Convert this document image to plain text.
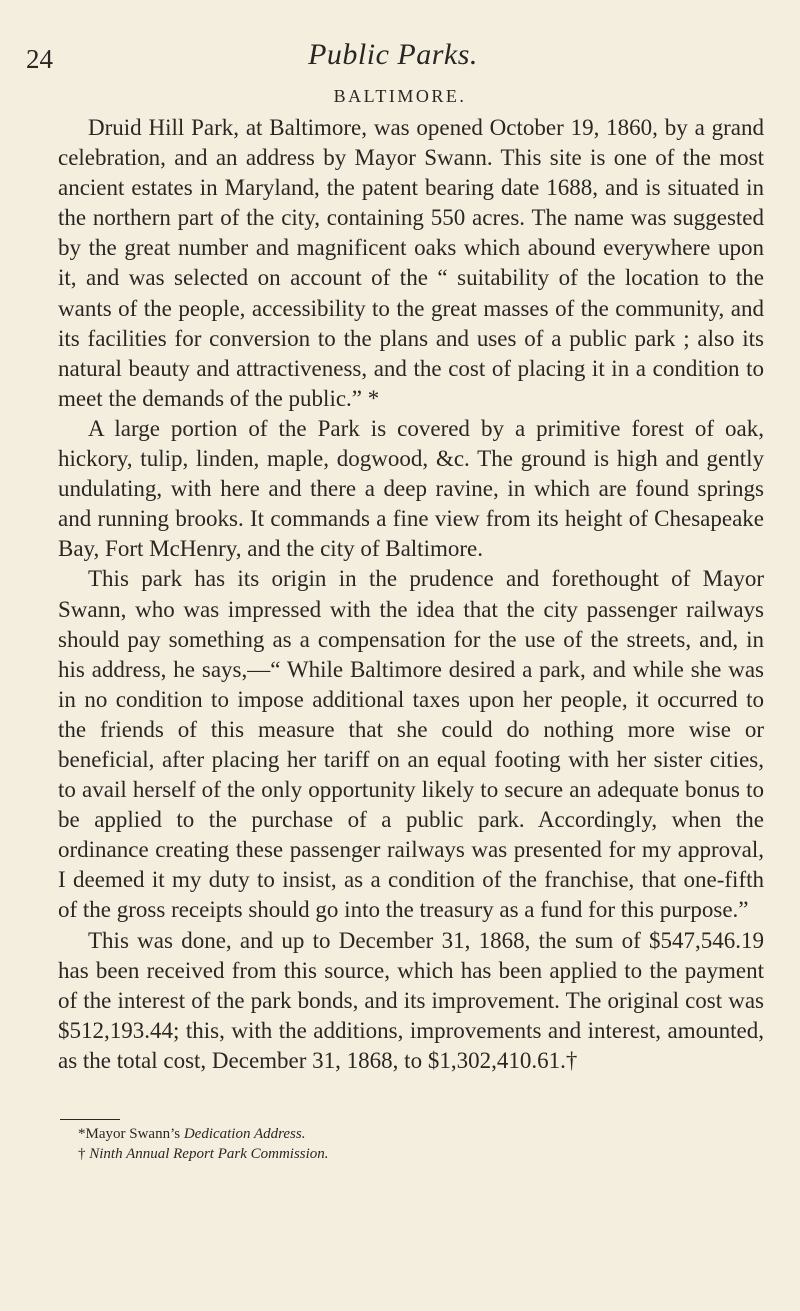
24	Public Parks.
BALTIMORE.

Druid Hill Park, at Baltimore, was opened October 19, 1860, by a grand celebration, and an address by Mayor Swann. This site is one of the most ancient estates in Maryland, the patent bearing date 1688, and is situated in the northern part of the city, containing 550 acres. The name was suggested by the great number and magnificent oaks which abound everywhere upon it, and was selected on account of the “ suitability of the location to the wants of the people, accessibility to the great masses of the community, and its facilities for conversion to the plans and uses of a public park ; also its natural beauty and attractiveness, and the cost of placing it in a condition to meet the demands of the public.” *

A large portion of the Park is covered by a primitive forest of oak, hickory, tulip, linden, maple, dogwood, &c. The ground is high and gently undulating, with here and there a deep ravine, in which are found springs and running brooks. It commands a fine view from its height of Chesapeake Bay, Fort McHenry, and the city of Baltimore.

This park has its origin in the prudence and forethought of Mayor Swann, who was impressed with the idea that the city passenger railways should pay something as a compensation for the use of the streets, and, in his address, he says,—“ While Baltimore desired a park, and while she was in no condition to impose additional taxes upon her people, it occurred to the friends of this measure that she could do nothing more wise or beneficial, after placing her tariff on an equal footing with her sister cities, to avail herself of the only opportunity likely to secure an adequate bonus to be applied to the purchase of a public park. Accordingly, when the ordinance creating these passenger railways was presented for my approval, I deemed it my duty to insist, as a condition of the franchise, that one-fifth of the gross receipts should go into the treasury as a fund for this purpose.”

This was done, and up to December 31, 1868, the sum of $547,546.19 has been received from this source, which has been applied to the payment of the interest of the park bonds, and its improvement. The original cost was $512,193.44; this, with the additions, improvements and interest, amounted, as the total cost, December 31, 1868, to $1,302,410.61.†

*Mayor Swann’s Dedication Address.
† Ninth Annual Report Park Commission.
